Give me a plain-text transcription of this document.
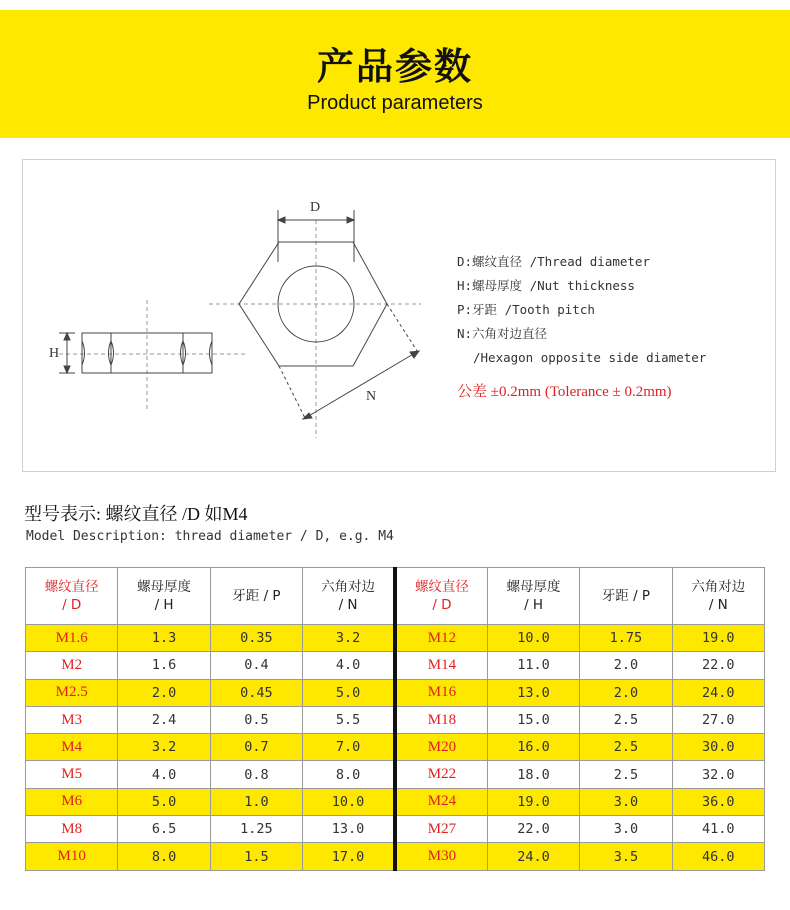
产品参数
Product parameters
D
H
N
D:螺纹直径 /Thread diameter
H:螺母厚度 /Nut thickness
P:牙距 /Tooth pitch
N:六角对边直径
/Hexagon opposite side diameter
公差 ±0.2mm (Tolerance ± 0.2mm)
型号表示: 螺纹直径 /D 如M4
Model Description: thread diameter / D, e.g. M4
螺纹直径
/ D	螺母厚度
/ H	牙距 / P	六角对边
/ N	螺纹直径
/ D	螺母厚度
/ H	牙距 / P	六角对边
/ N
M1.6	1.3	0.35	3.2	M12	10.0	1.75	19.0
M2	1.6	0.4	4.0	M14	11.0	2.0	22.0
M2.5	2.0	0.45	5.0	M16	13.0	2.0	24.0
M3	2.4	0.5	5.5	M18	15.0	2.5	27.0
M4	3.2	0.7	7.0	M20	16.0	2.5	30.0
M5	4.0	0.8	8.0	M22	18.0	2.5	32.0
M6	5.0	1.0	10.0	M24	19.0	3.0	36.0
M8	6.5	1.25	13.0	M27	22.0	3.0	41.0
M10	8.0	1.5	17.0	M30	24.0	3.5	46.0
